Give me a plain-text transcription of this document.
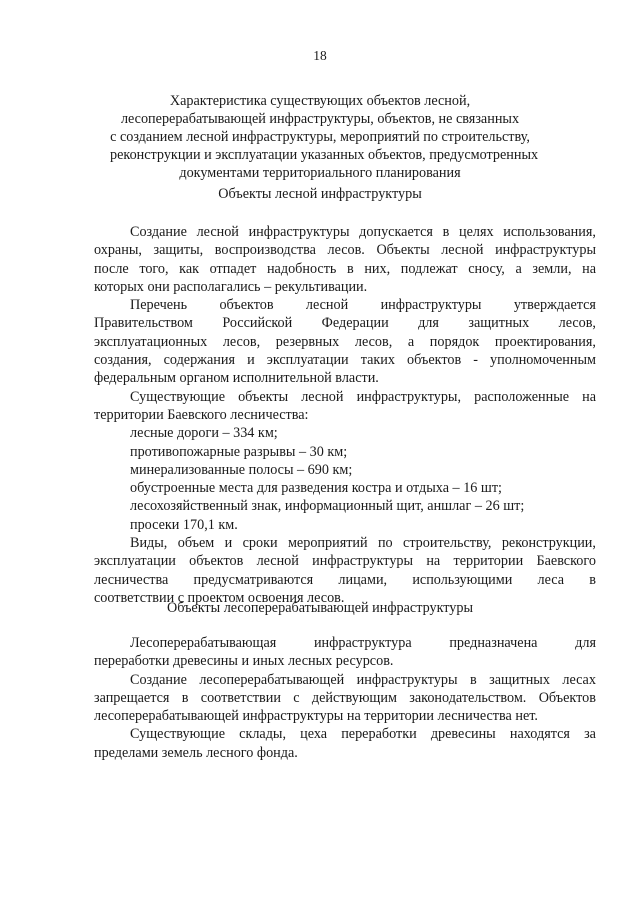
18
Характеристика существующих объектов лесной,
лесоперерабатывающей инфраструктуры, объектов, не связанных
с созданием лесной инфраструктуры, мероприятий по строительству,
реконструкции и эксплуатации указанных объектов, предусмотренных
документами территориального планирования
Объекты лесной инфраструктуры
Создание лесной инфраструктуры допускается в целях использования,
охраны, защиты, воспроизводства лесов. Объекты лесной инфраструктуры
после того, как отпадет надобность в них, подлежат сносу, а земли, на
которых они располагались – рекультивации.
Перечень объектов лесной инфраструктуры утверждается
Правительством Российской Федерации для защитных лесов,
эксплуатационных лесов, резервных лесов, а порядок проектирования,
создания, содержания и эксплуатации таких объектов - уполномоченным
федеральным органом исполнительной власти.
Существующие объекты лесной инфраструктуры, расположенные на
территории Баевского лесничества:
лесные дороги – 334 км;
противопожарные разрывы – 30 км;
минерализованные полосы – 690 км;
обустроенные места для разведения костра и отдыха – 16 шт;
лесохозяйственный знак, информационный щит, аншлаг – 26 шт;
просеки 170,1 км.
Виды, объем и сроки мероприятий по строительству, реконструкции,
эксплуатации объектов лесной инфраструктуры на территории Баевского
лесничества предусматриваются лицами, использующими леса в
соответствии с проектом освоения лесов.
Объекты лесоперерабатывающей инфраструктуры
Лесоперерабатывающая	инфраструктура	предназначена	для
переработки древесины и иных лесных ресурсов.
Создание лесоперерабатывающей инфраструктуры в защитных лесах
запрещается в соответствии с действующим законодательством. Объектов
лесоперерабатывающей инфраструктуры на территории лесничества нет.
Существующие склады, цеха переработки древесины находятся за
пределами земель лесного фонда.
